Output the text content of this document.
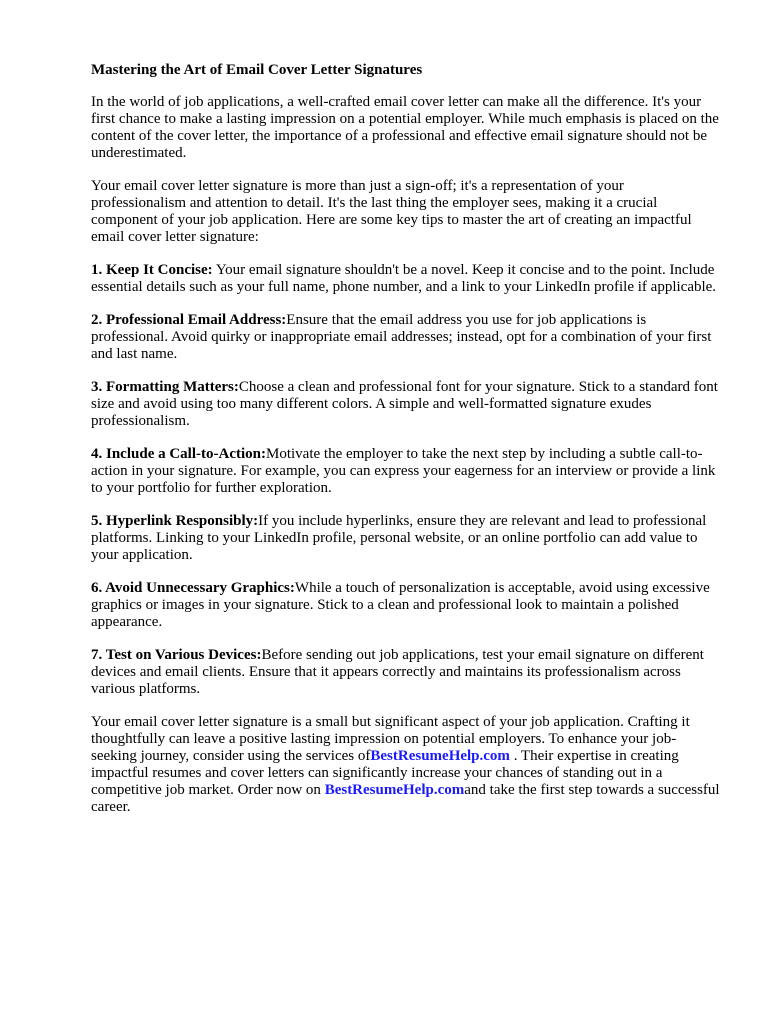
Mastering the Art of Email Cover Letter Signatures

In the world of job applications, a well-crafted email cover letter can make all the difference. It's your first chance to make a lasting impression on a potential employer. While much emphasis is placed on the content of the cover letter, the importance of a professional and effective email signature should not be underestimated.

Your email cover letter signature is more than just a sign-off; it's a representation of your professionalism and attention to detail. It's the last thing the employer sees, making it a crucial component of your job application. Here are some key tips to master the art of creating an impactful email cover letter signature:

1. Keep It Concise: Your email signature shouldn't be a novel. Keep it concise and to the point. Include essential details such as your full name, phone number, and a link to your LinkedIn profile if applicable.

2. Professional Email Address:Ensure that the email address you use for job applications is professional. Avoid quirky or inappropriate email addresses; instead, opt for a combination of your first and last name.

3. Formatting Matters:Choose a clean and professional font for your signature. Stick to a standard font size and avoid using too many different colors. A simple and well-formatted signature exudes professionalism.

4. Include a Call-to-Action:Motivate the employer to take the next step by including a subtle call-to-action in your signature. For example, you can express your eagerness for an interview or provide a link to your portfolio for further exploration.

5. Hyperlink Responsibly:If you include hyperlinks, ensure they are relevant and lead to professional platforms. Linking to your LinkedIn profile, personal website, or an online portfolio can add value to your application.

6. Avoid Unnecessary Graphics:While a touch of personalization is acceptable, avoid using excessive graphics or images in your signature. Stick to a clean and professional look to maintain a polished appearance.

7. Test on Various Devices:Before sending out job applications, test your email signature on different devices and email clients. Ensure that it appears correctly and maintains its professionalism across various platforms.

Your email cover letter signature is a small but significant aspect of your job application. Crafting it thoughtfully can leave a positive lasting impression on potential employers. To enhance your job-seeking journey, consider using the services ofBestResumeHelp.com . Their expertise in creating impactful resumes and cover letters can significantly increase your chances of standing out in a competitive job market. Order now on BestResumeHelp.comand take the first step towards a successful career.
